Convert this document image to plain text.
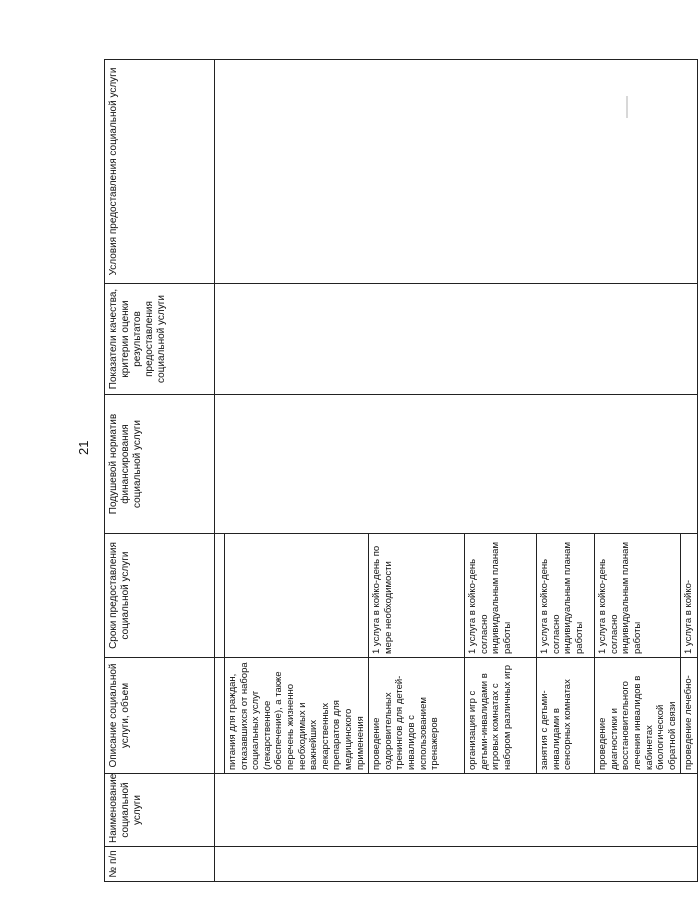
21
№ п/п	Наименование социальной услуги	Описание социальной услуги, объем	Сроки предоставления социальной услуги	Подушевой норматив финансирования социальной услуги	Показатели качества, критерии оценки результатов предоставления социальной услуги	Условия предоставления социальной услуги

		питания для граждан, отказавшихся от набора социальных услуг (лекарственное обеспечение), а также перечень жизненно необходимых и важнейших лекарственных препаратов для медицинского применения				
		проведение оздоровительных тренингов для детей-инвалидов с использованием тренажеров	1 услуга в койко-день по мере необходимости			
		организация игр с детьми-инвалидами в игровых комнатах с набором различных игр	1 услуга в койко-день согласно индивидуальным планам работы			
		занятия с детьми-инвалидами в сенсорных комнатах	1 услуга в койко-день согласно индивидуальным планам работы			
		проведение диагностики и восстановительного лечения инвалидов в кабинетах биологической обратной связи	1 услуга в койко-день согласно индивидуальным планам работы			
		проведение лечебно-	1 услуга в койко-			
